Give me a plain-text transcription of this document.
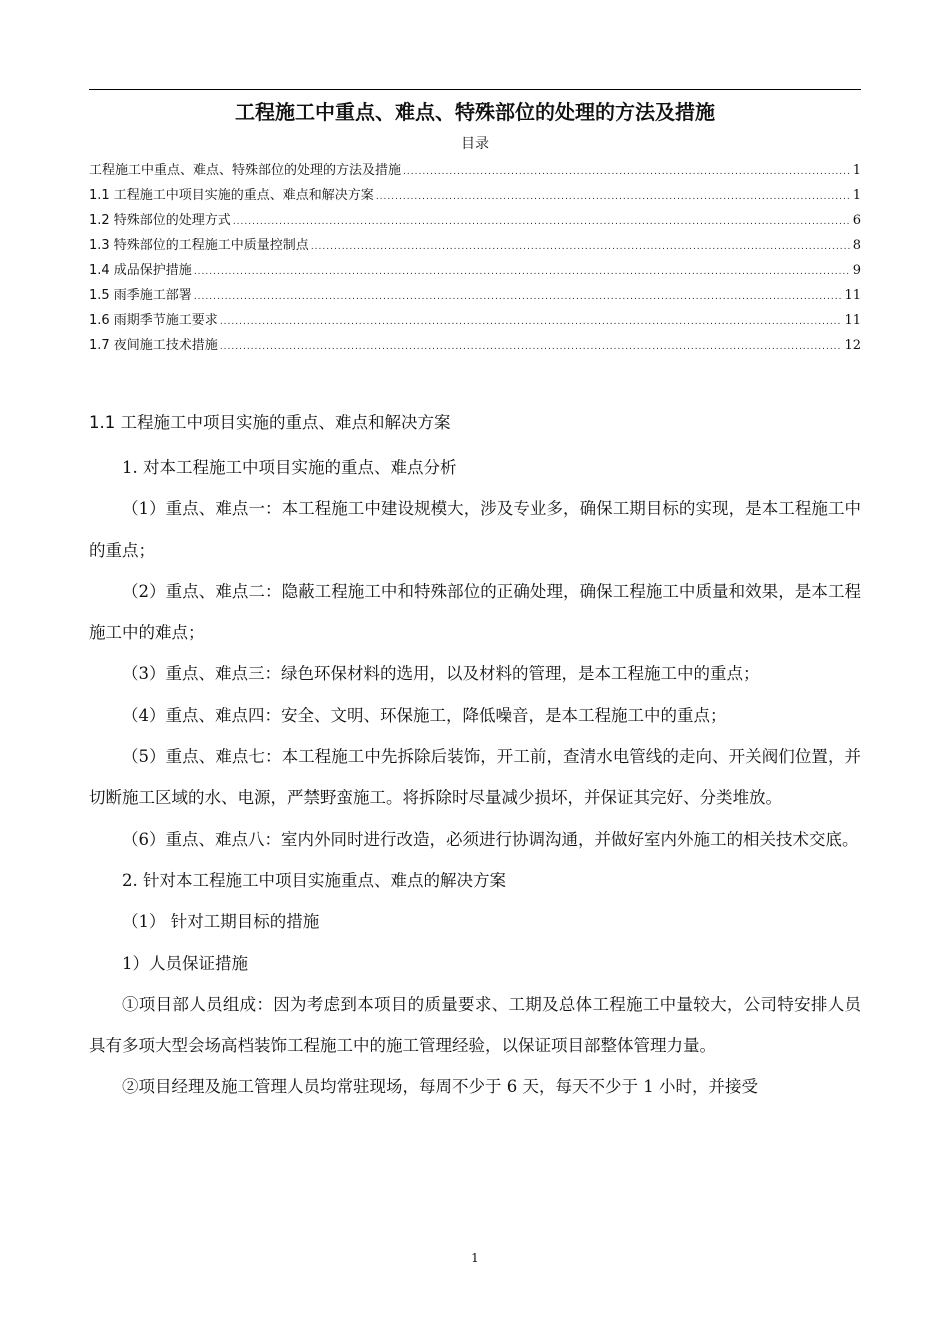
工程施工中重点、难点、特殊部位的处理的方法及措施
目录
工程施工中重点、难点、特殊部位的处理的方法及措施 .....	1
1.1 工程施工中项目实施的重点、难点和解决方案 .....	1
1.2 特殊部位的处理方式 .....	6
1.3 特殊部位的工程施工中质量控制点 .....	8
1.4 成品保护措施 .....	9
1.5 雨季施工部署 .....	11
1.6 雨期季节施工要求 .....	11
1.7 夜间施工技术措施 .....	12
1.1 工程施工中项目实施的重点、难点和解决方案

1. 对本工程施工中项目实施的重点、难点分析

（1）重点、难点一：本工程施工中建设规模大，涉及专业多，确保工期目标的实现，是本工程施工中的重点；

（2）重点、难点二：隐蔽工程施工中和特殊部位的正确处理，确保工程施工中质量和效果，是本工程施工中的难点；

（3）重点、难点三：绿色环保材料的选用，以及材料的管理，是本工程施工中的重点；

（4）重点、难点四：安全、文明、环保施工，降低噪音，是本工程施工中的重点；

（5）重点、难点七：本工程施工中先拆除后装饰，开工前，查清水电管线的走向、开关阀们位置，并切断施工区域的水、电源，严禁野蛮施工。将拆除时尽量减少损坏，并保证其完好、分类堆放。

（6）重点、难点八：室内外同时进行改造，必须进行协调沟通，并做好室内外施工的相关技术交底。

2. 针对本工程施工中项目实施重点、难点的解决方案

（1） 针对工期目标的措施

1）人员保证措施

①项目部人员组成：因为考虑到本项目的质量要求、工期及总体工程施工中量较大，公司特安排人员具有多项大型会场高档装饰工程施工中的施工管理经验，以保证项目部整体管理力量。

②项目经理及施工管理人员均常驻现场，每周不少于 6 天，每天不少于 1 小时，并接受

1
